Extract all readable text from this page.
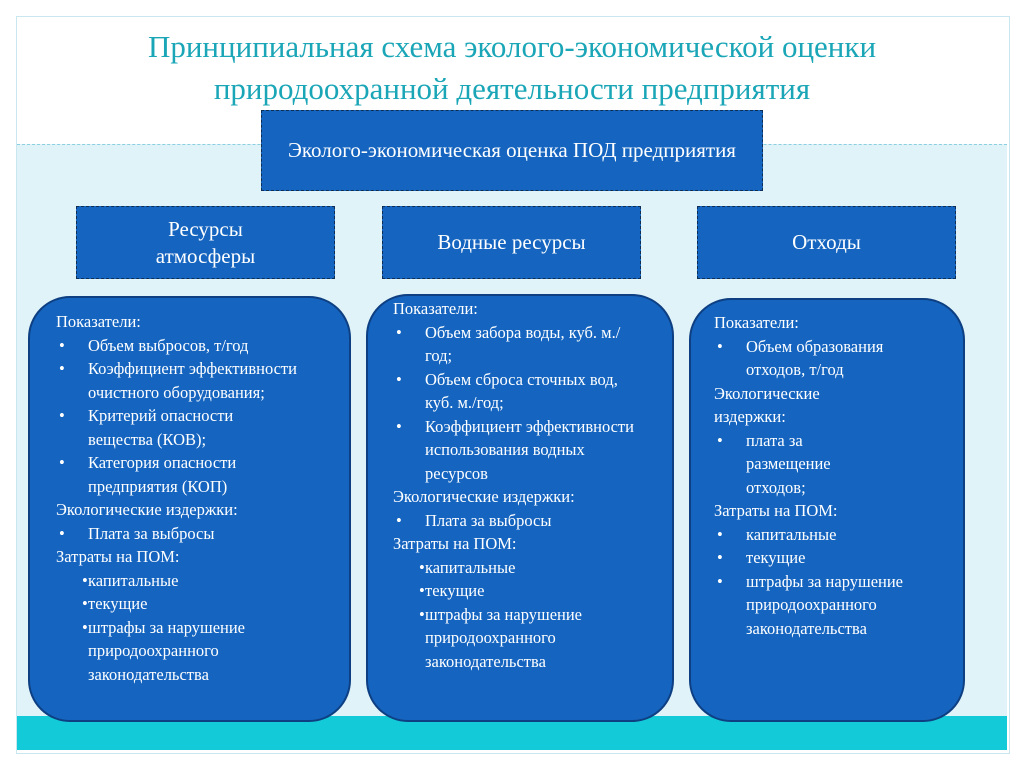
Принципиальная схема эколого-экономической оценки природоохранной деятельности предприятия
Эколого-экономическая оценка ПОД предприятия
Ресурсы атмосферы
Водные ресурсы	Отходы
Показатели:
• Объем выбросов, т/год
• Коэффициент эффективности очистного оборудования;
• Критерий опасности вещества (КОВ);
• Категория опасности предприятия (КОП)
Экологические издержки:
• Плата за выбросы
Затраты на ПОМ:
• капитальные
• текущие
• штрафы за нарушение природоохранного законодательства
Показатели:
• Объем забора воды, куб. м./год;
• Объем сброса сточных вод, куб. м./год;
• Коэффициент эффективности использования водных ресурсов
Экологические издержки:
• Плата за выбросы
Затраты на ПОМ:
• капитальные
• текущие
• штрафы за нарушение природоохранного законодательства
Показатели:
• Объем образования отходов, т/год
Экологические издержки:
• плата за размещение отходов;
Затраты на ПОМ:
• капитальные
• текущие
• штрафы за нарушение природоохранного законодательства
